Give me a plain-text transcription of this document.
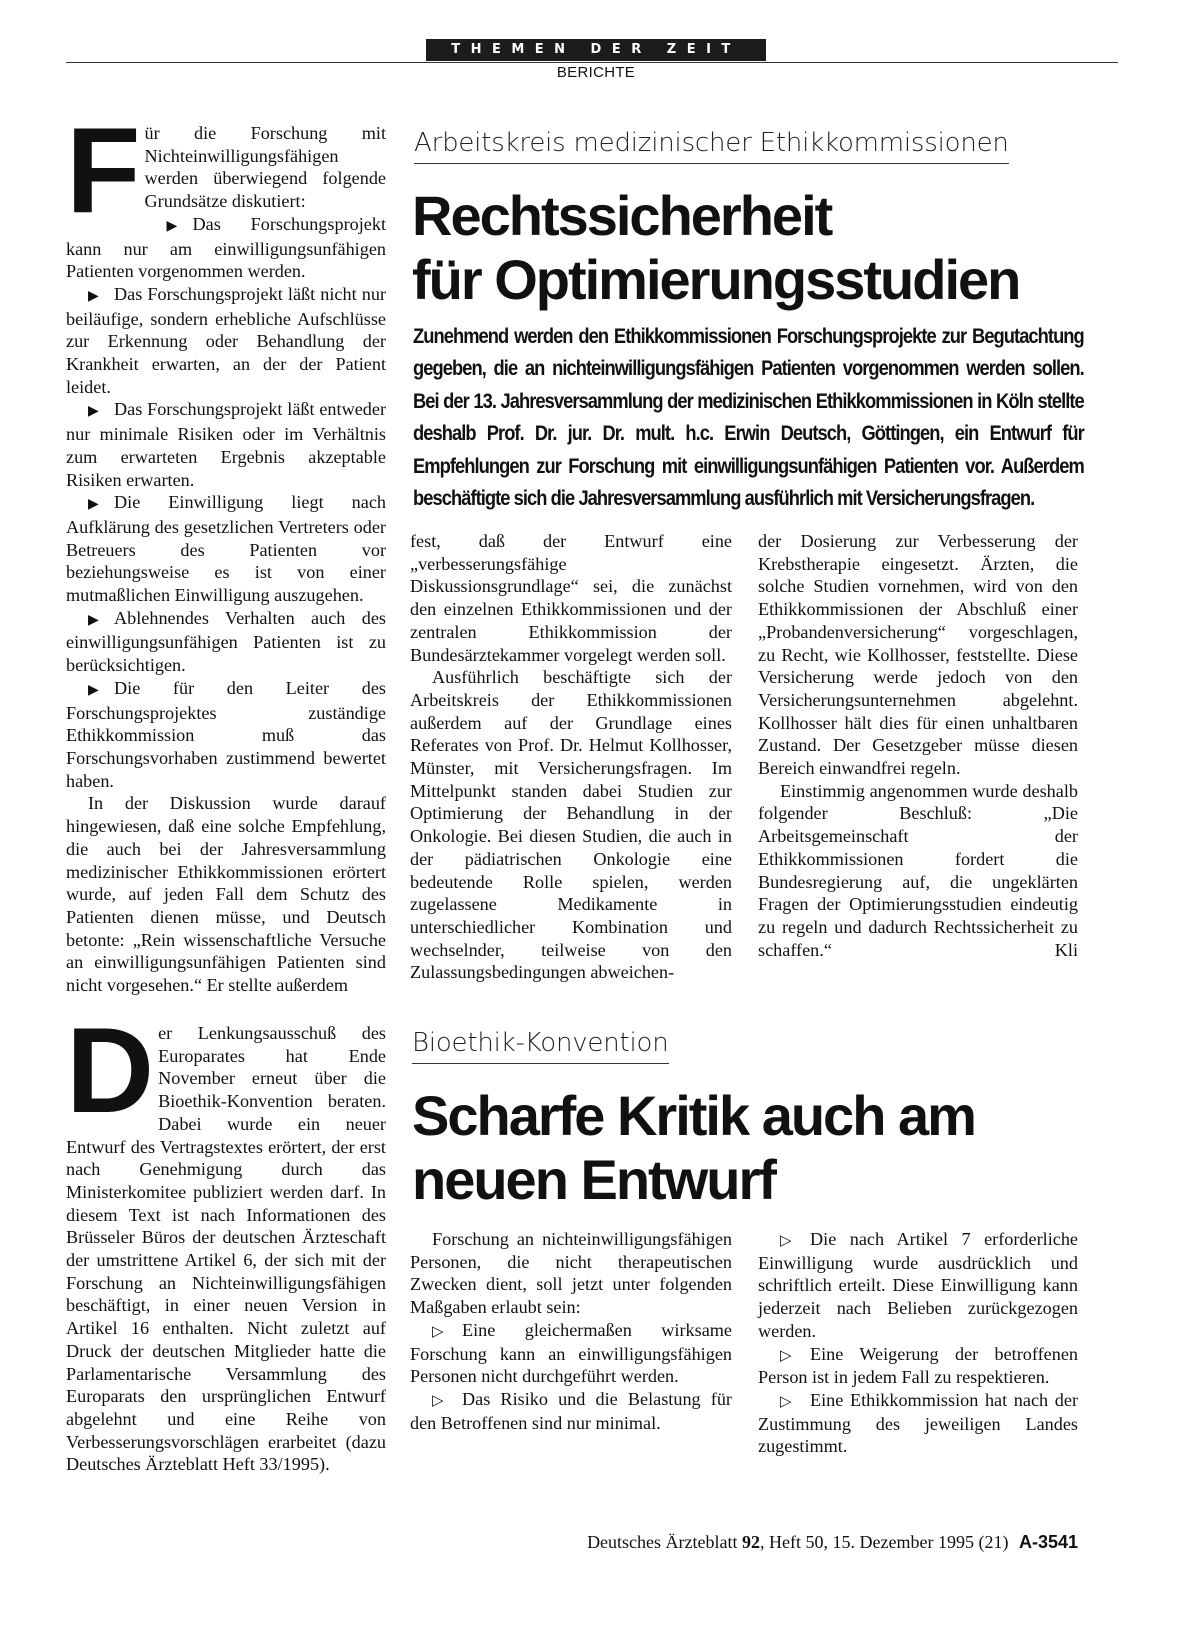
THEMEN DER ZEIT
BERICHTE
F ür die Forschung mit Nichteinwilligungsfähigen werden überwiegend folgende Grundsätze diskutiert:

▶ Das Forschungsprojekt kann nur am einwilligungsunfähigen Patienten vorgenommen werden.

▶ Das Forschungsprojekt läßt nicht nur beiläufige, sondern erhebliche Aufschlüsse zur Erkennung oder Behandlung der Krankheit erwarten, an der der Patient leidet.

▶ Das Forschungsprojekt läßt entweder nur minimale Risiken oder im Verhältnis zum erwarteten Ergebnis akzeptable Risiken erwarten.

▶ Die Einwilligung liegt nach Aufklärung des gesetzlichen Vertreters oder Betreuers des Patienten vor beziehungsweise es ist von einer mutmaßlichen Einwilligung auszugehen.

▶ Ablehnendes Verhalten auch des einwilligungsunfähigen Patienten ist zu berücksichtigen.

▶ Die für den Leiter des Forschungsprojektes zuständige Ethikkommission muß das Forschungsvorhaben zustimmend bewertet haben.

In der Diskussion wurde darauf hingewiesen, daß eine solche Empfehlung, die auch bei der Jahresversammlung medizinischer Ethikkommissionen erörtert wurde, auf jeden Fall dem Schutz des Patienten dienen müsse, und Deutsch betonte: „Rein wissenschaftliche Versuche an einwilligungsunfähigen Patienten sind nicht vorgesehen.“ Er stellte außerdem

Arbeitskreis medizinischer Ethikkommissionen
Rechtssicherheit
für Optimierungsstudien
Zunehmend werden den Ethikkommissionen Forschungsprojekte zur Begutachtung gegeben, die an nichteinwilligungsfähigen Patienten vorgenommen werden sollen. Bei der 13. Jahresversammlung der medizinischen Ethikkommissionen in Köln stellte deshalb Prof. Dr. jur. Dr. mult. h.c. Erwin Deutsch, Göttingen, ein Entwurf für Empfehlungen zur Forschung mit einwilligungsunfähigen Patienten vor. Außerdem beschäftigte sich die Jahresversammlung ausführlich mit Versicherungsfragen.

fest, daß der Entwurf eine „verbesserungsfähige Diskussionsgrundlage“ sei, die zunächst den einzelnen Ethikkommissionen und der zentralen Ethikkommission der Bundesärztekammer vorgelegt werden soll.

Ausführlich beschäftigte sich der Arbeitskreis der Ethikkommissionen außerdem auf der Grundlage eines Referates von Prof. Dr. Helmut Kollhosser, Münster, mit Versicherungsfragen. Im Mittelpunkt standen dabei Studien zur Optimierung der Behandlung in der Onkologie. Bei diesen Studien, die auch in der pädiatrischen Onkologie eine bedeutende Rolle spielen, werden zugelassene Medikamente in unterschiedlicher Kombination und wechselnder, teilweise von den Zulassungsbedingungen abweichen-

der Dosierung zur Verbesserung der Krebstherapie eingesetzt. Ärzten, die solche Studien vornehmen, wird von den Ethikkommissionen der Abschluß einer „Probandenversicherung“ vorgeschlagen, zu Recht, wie Kollhosser, feststellte. Diese Versicherung werde jedoch von den Versicherungsunternehmen abgelehnt. Kollhosser hält dies für einen unhaltbaren Zustand. Der Gesetzgeber müsse diesen Bereich einwandfrei regeln.

Einstimmig angenommen wurde deshalb folgender Beschluß: „Die Arbeitsgemeinschaft der Ethikkommissionen fordert die Bundesregierung auf, die ungeklärten Fragen der Optimierungsstudien eindeutig zu regeln und dadurch Rechtssicherheit zu schaffen.“	Kli

D er Lenkungsausschuß des Europarates hat Ende November erneut über die Bioethik-Konvention beraten. Dabei wurde ein neuer Entwurf des Vertragstextes erörtert, der erst nach Genehmigung durch das Ministerkomitee publiziert werden darf. In diesem Text ist nach Informationen des Brüsseler Büros der deutschen Ärzteschaft der umstrittene Artikel 6, der sich mit der Forschung an Nichteinwilligungsfähigen beschäftigt, in einer neuen Version in Artikel 16 enthalten. Nicht zuletzt auf Druck der deutschen Mitglieder hatte die Parlamentarische Versammlung des Europarats den ursprünglichen Entwurf abgelehnt und eine Reihe von Verbesserungsvorschlägen erarbeitet (dazu Deutsches Ärzteblatt Heft 33/1995).

Bioethik-Konvention
Scharfe Kritik auch am
neuen Entwurf

Forschung an nichteinwilligungsfähigen Personen, die nicht therapeutischen Zwecken dient, soll jetzt unter folgenden Maßgaben erlaubt sein:

▷ Eine gleichermaßen wirksame Forschung kann an einwilligungsfähigen Personen nicht durchgeführt werden.

▷ Das Risiko und die Belastung für den Betroffenen sind nur minimal.

▷ Die nach Artikel 7 erforderliche Einwilligung wurde ausdrücklich und schriftlich erteilt. Diese Einwilligung kann jederzeit nach Belieben zurückgezogen werden.

▷ Eine Weigerung der betroffenen Person ist in jedem Fall zu respektieren.

▷ Eine Ethikkommission hat nach der Zustimmung des jeweiligen Landes zugestimmt.

Deutsches Ärzteblatt 92, Heft 50, 15. Dezember 1995 (21) A-3541
